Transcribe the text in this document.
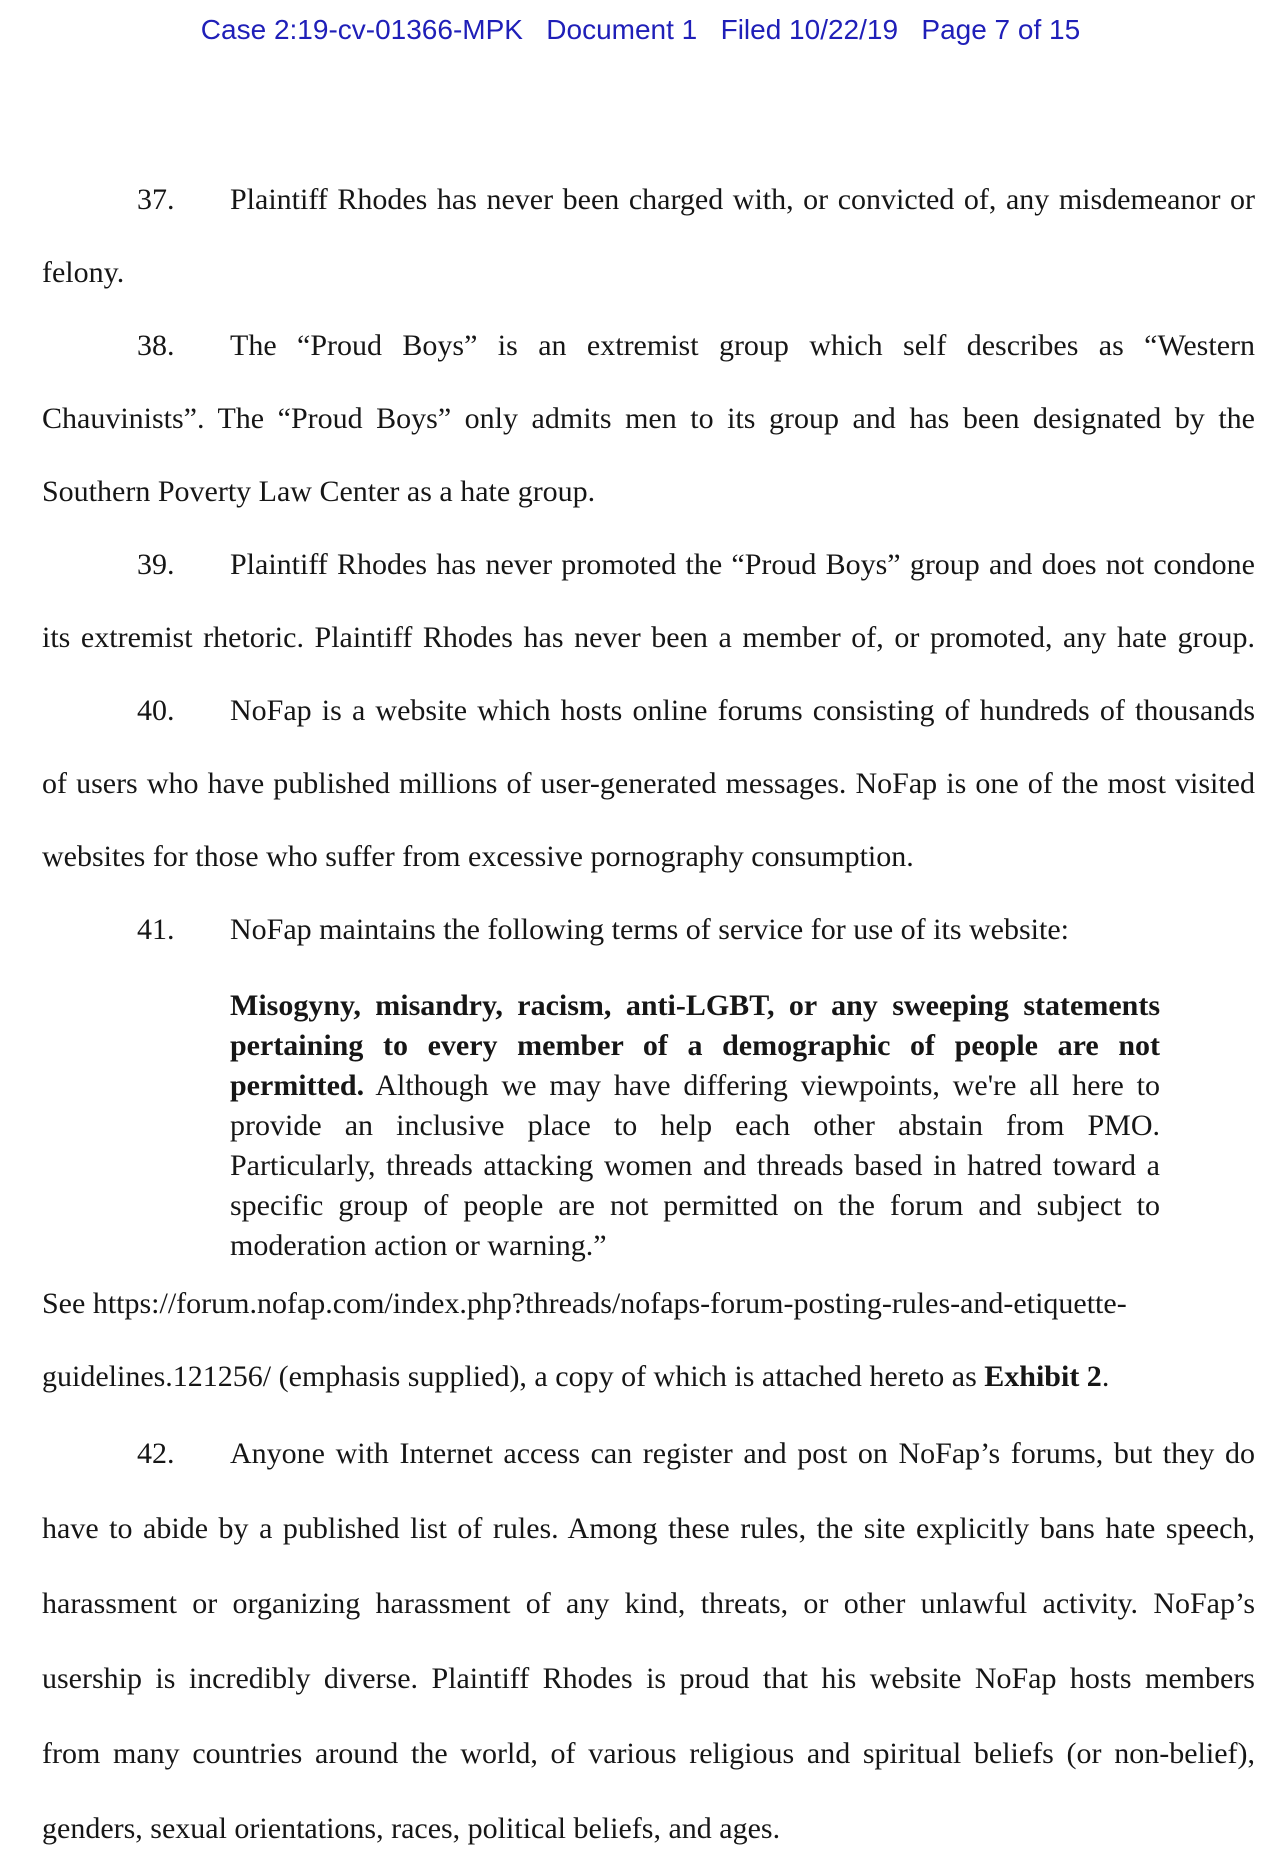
Case 2:19-cv-01366-MPK   Document 1   Filed 10/22/19   Page 7 of 15
37.	Plaintiff Rhodes has never been charged with, or convicted of, any misdemeanor or
felony.
38.	The “Proud Boys” is an extremist group which self describes as “Western
Chauvinists”. The “Proud Boys” only admits men to its group and has been designated by the
Southern Poverty Law Center as a hate group.
39.	Plaintiff Rhodes has never promoted the “Proud Boys” group and does not condone
its extremist rhetoric. Plaintiff Rhodes has never been a member of, or promoted, any hate group.
40.	NoFap is a website which hosts online forums consisting of hundreds of thousands
of users who have published millions of user-generated messages. NoFap is one of the most visited
websites for those who suffer from excessive pornography consumption.
41.	NoFap maintains the following terms of service for use of its website:
Misogyny, misandry, racism, anti-LGBT, or any sweeping statements
pertaining to every member of a demographic of people are not
permitted. Although we may have differing viewpoints, we're all here to
provide an inclusive place to help each other abstain from PMO.
Particularly, threads attacking women and threads based in hatred toward a
specific group of people are not permitted on the forum and subject to
moderation action or warning.”
See https://forum.nofap.com/index.php?threads/nofaps-forum-posting-rules-and-etiquette-
guidelines.121256/ (emphasis supplied), a copy of which is attached hereto as Exhibit 2.
42.	Anyone with Internet access can register and post on NoFap’s forums, but they do
have to abide by a published list of rules. Among these rules, the site explicitly bans hate speech,
harassment or organizing harassment of any kind, threats, or other unlawful activity. NoFap’s
usership is incredibly diverse. Plaintiff Rhodes is proud that his website NoFap hosts members
from many countries around the world, of various religious and spiritual beliefs (or non-belief),
genders, sexual orientations, races, political beliefs, and ages.
